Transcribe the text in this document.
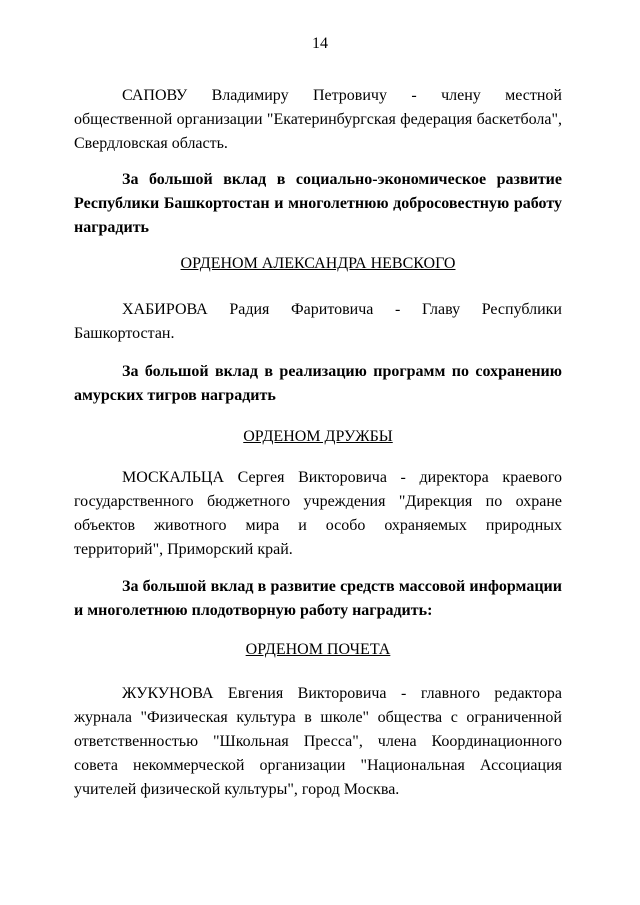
14

САПОВУ Владимиру Петровичу - члену местной общественной организации "Екатеринбургская федерация баскетбола", Свердловская область.

За большой вклад в социально-экономическое развитие Республики Башкортостан и многолетнюю добросовестную работу наградить

ОРДЕНОМ АЛЕКСАНДРА НЕВСКОГО

ХАБИРОВА Радия Фаритовича - Главу Республики Башкортостан.

За большой вклад в реализацию программ по сохранению амурских тигров наградить

ОРДЕНОМ ДРУЖБЫ

МОСКАЛЬЦА Сергея Викторовича - директора краевого государственного бюджетного учреждения "Дирекция по охране объектов животного мира и особо охраняемых природных территорий", Приморский край.

За большой вклад в развитие средств массовой информации и многолетнюю плодотворную работу наградить:

ОРДЕНОМ ПОЧЕТА

ЖУКУНОВА Евгения Викторовича - главного редактора журнала "Физическая культура в школе" общества с ограниченной ответственностью "Школьная Пресса", члена Координационного совета некоммерческой организации "Национальная Ассоциация учителей физической культуры", город Москва.
